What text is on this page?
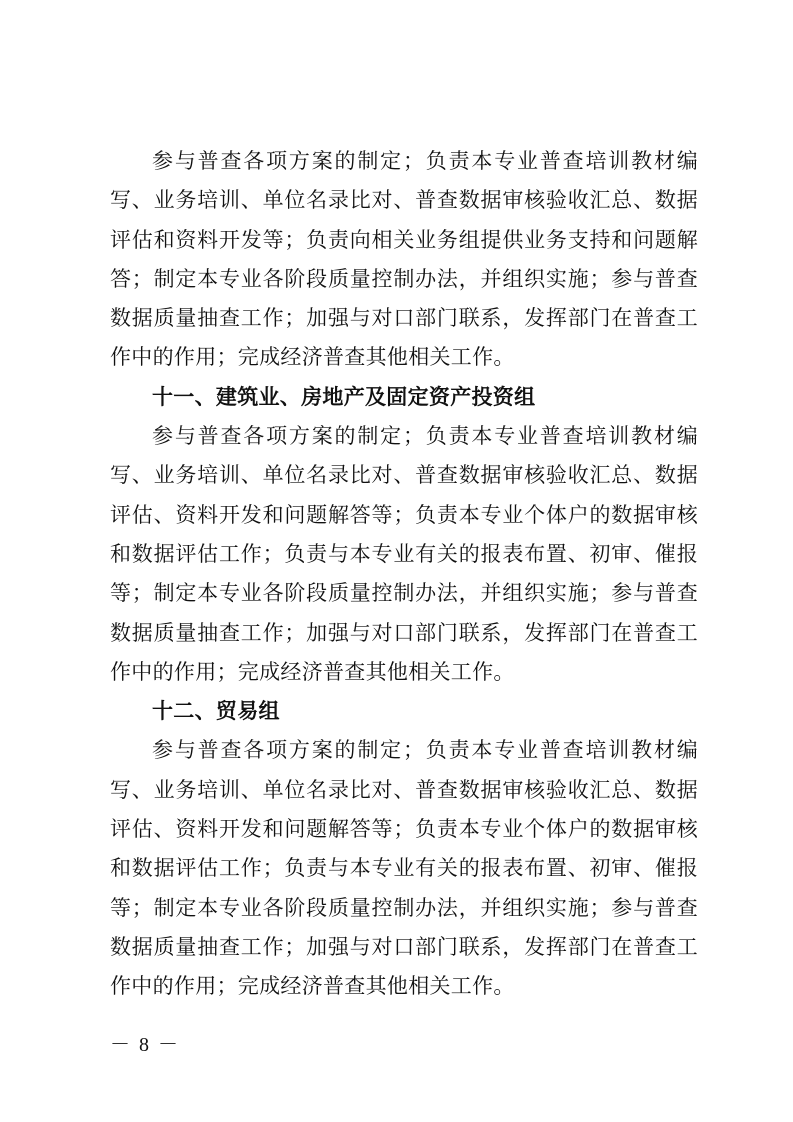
参与普查各项方案的制定；负责本专业普查培训教材编写、业务培训、单位名录比对、普查数据审核验收汇总、数据评估和资料开发等；负责向相关业务组提供业务支持和问题解答；制定本专业各阶段质量控制办法，并组织实施；参与普查数据质量抽查工作；加强与对口部门联系，发挥部门在普查工作中的作用；完成经济普查其他相关工作。

十一、建筑业、房地产及固定资产投资组

参与普查各项方案的制定；负责本专业普查培训教材编写、业务培训、单位名录比对、普查数据审核验收汇总、数据评估、资料开发和问题解答等；负责本专业个体户的数据审核和数据评估工作；负责与本专业有关的报表布置、初审、催报等；制定本专业各阶段质量控制办法，并组织实施；参与普查数据质量抽查工作；加强与对口部门联系，发挥部门在普查工作中的作用；完成经济普查其他相关工作。

十二、贸易组

参与普查各项方案的制定；负责本专业普查培训教材编写、业务培训、单位名录比对、普查数据审核验收汇总、数据评估、资料开发和问题解答等；负责本专业个体户的数据审核和数据评估工作；负责与本专业有关的报表布置、初审、催报等；制定本专业各阶段质量控制办法，并组织实施；参与普查数据质量抽查工作；加强与对口部门联系，发挥部门在普查工作中的作用；完成经济普查其他相关工作。

－ 8 －
